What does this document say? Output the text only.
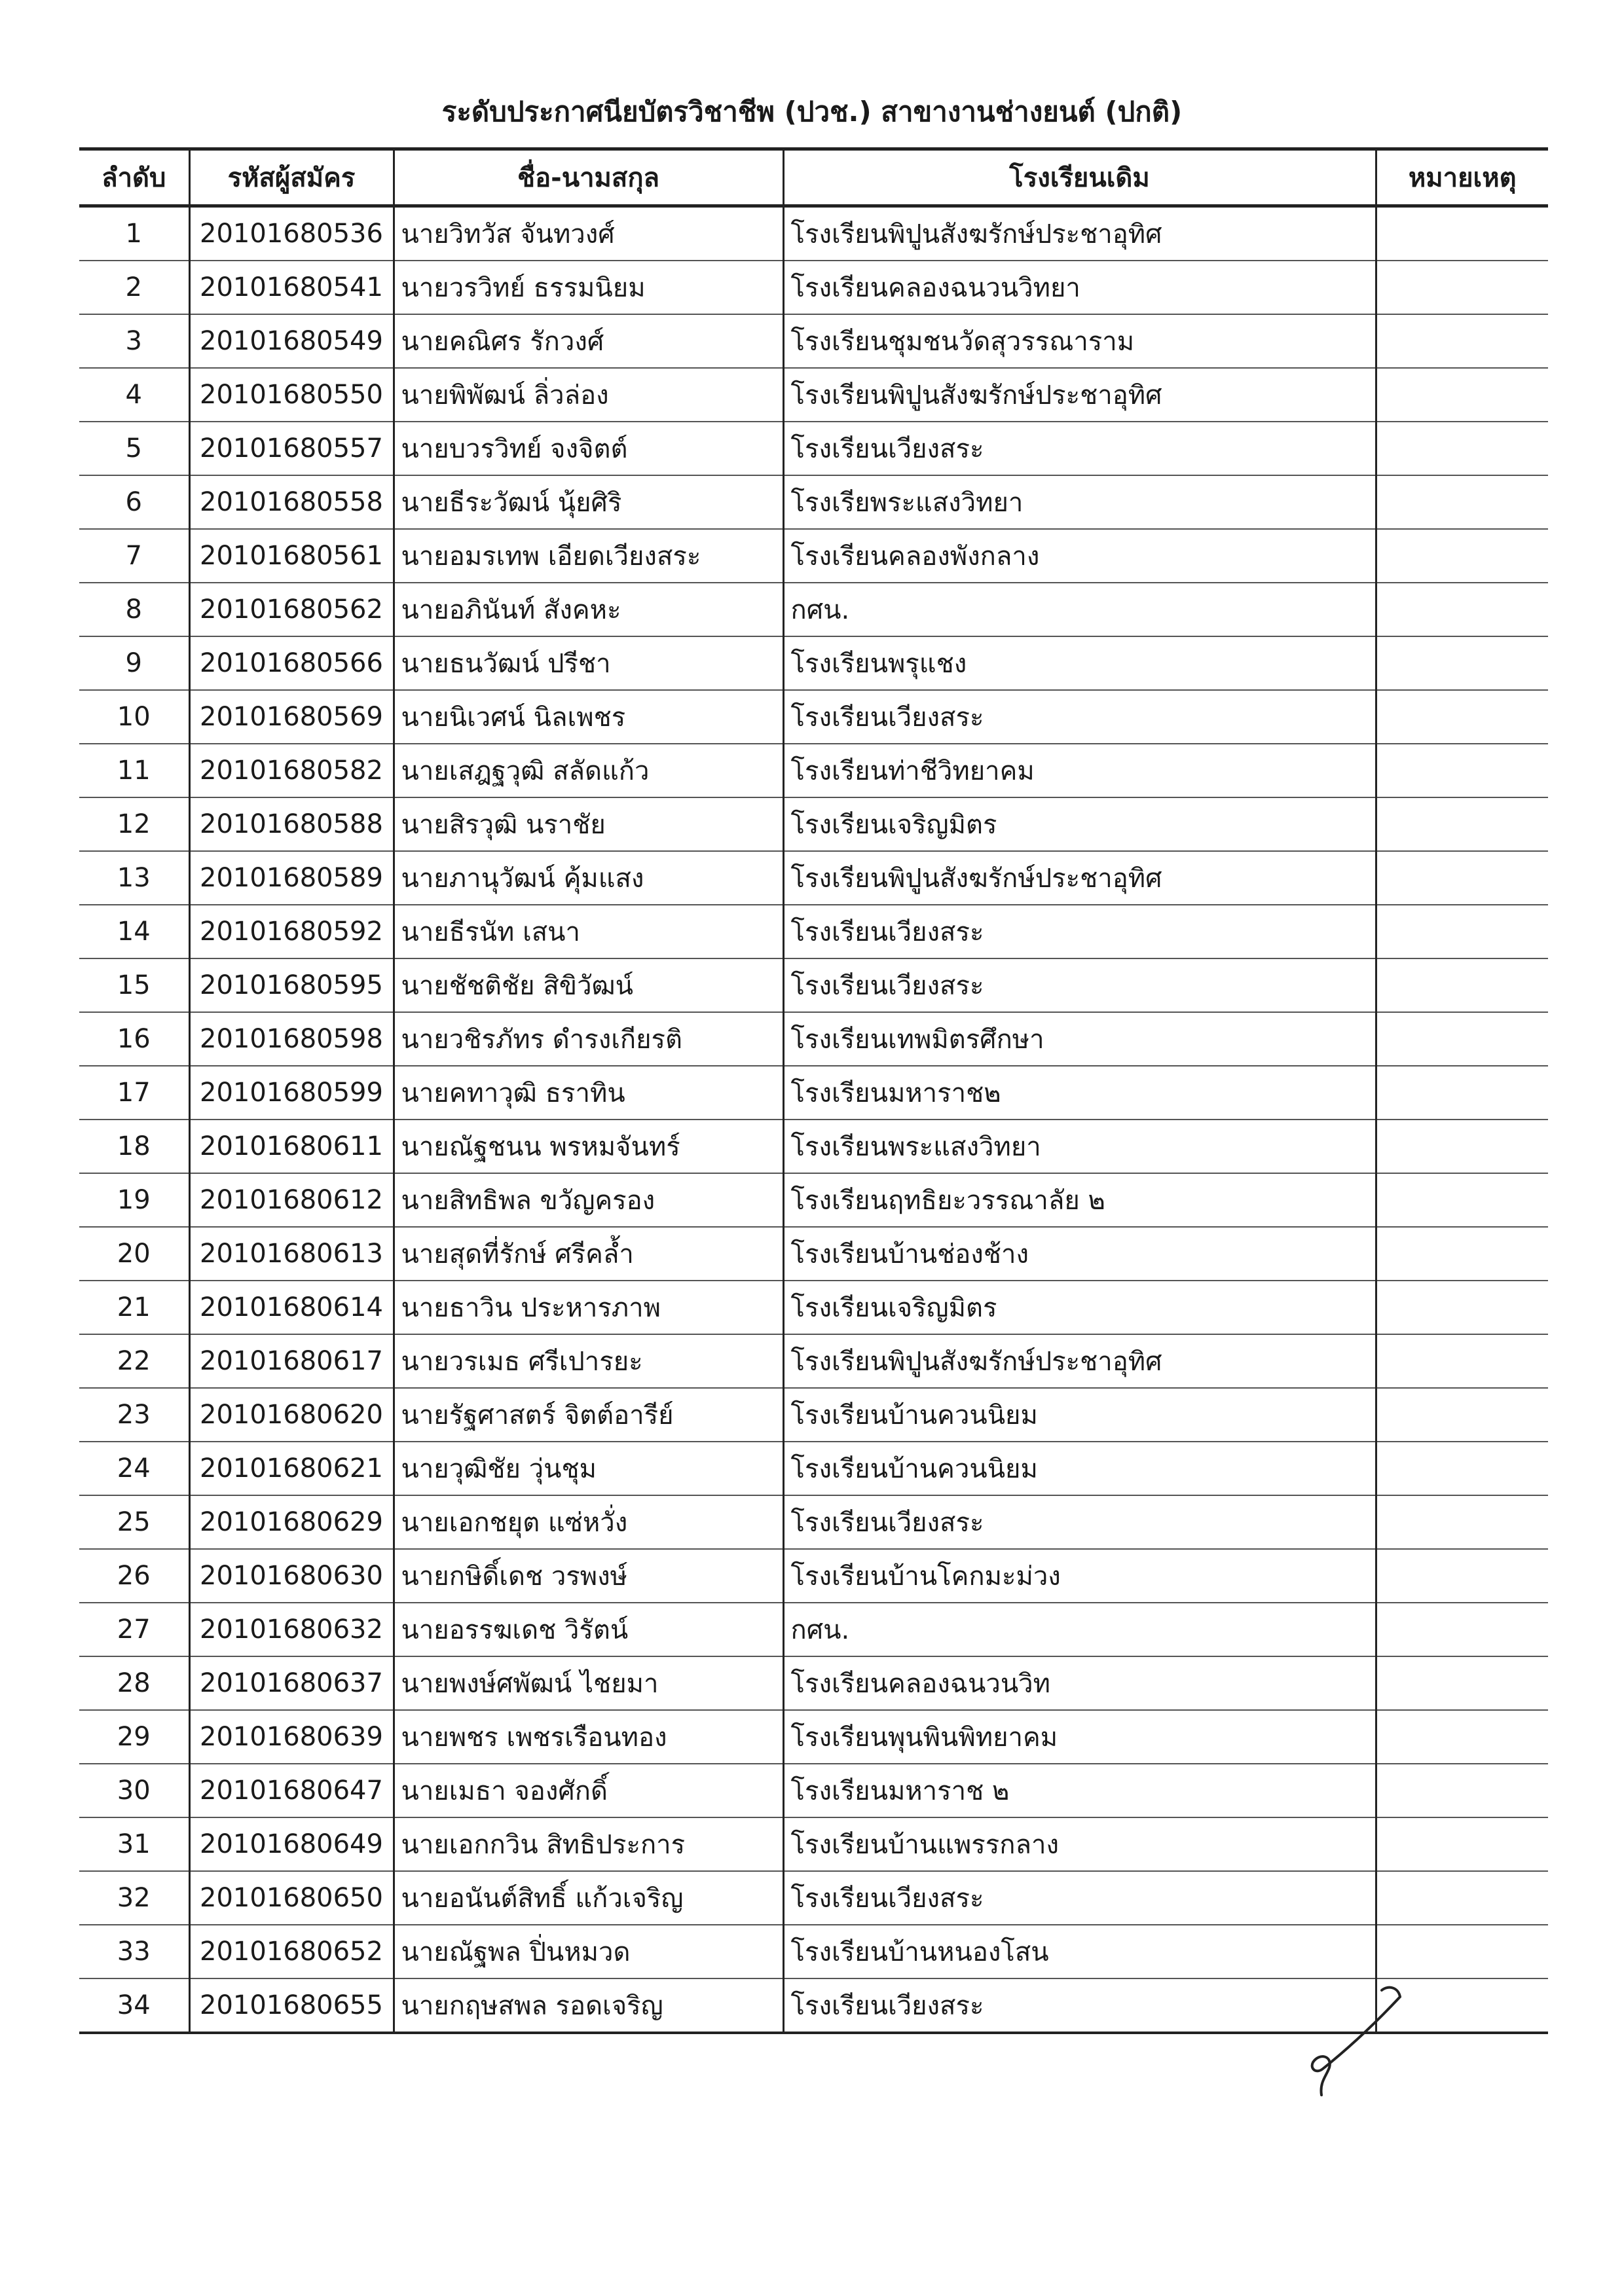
ระดับประกาศนียบัตรวิชาชีพ (ปวช.) สาขางานช่างยนต์ (ปกติ)
ลำดับ	รหัสผู้สมัคร	ชื่อ-นามสกุล	โรงเรียนเดิม	หมายเหตุ
1	20101680536	นายวิทวัส จันทวงศ์	โรงเรียนพิปูนสังฆรักษ์ประชาอุทิศ	
2	20101680541	นายวรวิทย์ ธรรมนิยม	โรงเรียนคลองฉนวนวิทยา	
3	20101680549	นายคณิศร รักวงศ์	โรงเรียนชุมชนวัดสุวรรณาราม	
4	20101680550	นายพิพัฒน์ ลิ่วล่อง	โรงเรียนพิปูนสังฆรักษ์ประชาอุทิศ	
5	20101680557	นายบวรวิทย์ จงจิตต์	โรงเรียนเวียงสระ	
6	20101680558	นายธีระวัฒน์ นุ้ยศิริ	โรงเรียพระแสงวิทยา	
7	20101680561	นายอมรเทพ เอียดเวียงสระ	โรงเรียนคลองพังกลาง	
8	20101680562	นายอภินันท์ สังคหะ	กศน.	
9	20101680566	นายธนวัฒน์ ปรีชา	โรงเรียนพรุแชง	
10	20101680569	นายนิเวศน์ นิลเพชร	โรงเรียนเวียงสระ	
11	20101680582	นายเสฎฐวุฒิ สลัดแก้ว	โรงเรียนท่าชีวิทยาคม	
12	20101680588	นายสิรวุฒิ นราชัย	โรงเรียนเจริญมิตร	
13	20101680589	นายภานุวัฒน์ คุ้มแสง	โรงเรียนพิปูนสังฆรักษ์ประชาอุทิศ	
14	20101680592	นายธีรนัท เสนา	โรงเรียนเวียงสระ	
15	20101680595	นายชัชติชัย สิขิวัฒน์	โรงเรียนเวียงสระ	
16	20101680598	นายวชิรภัทร ดำรงเกียรติ	โรงเรียนเทพมิตรศึกษา	
17	20101680599	นายคทาวุฒิ ธราทิน	โรงเรียนมหาราช๒	
18	20101680611	นายณัฐชนน พรหมจันทร์	โรงเรียนพระแสงวิทยา	
19	20101680612	นายสิทธิพล ขวัญครอง	โรงเรียนฤทธิยะวรรณาลัย ๒	
20	20101680613	นายสุดที่รักษ์ ศรีคล้ำ	โรงเรียนบ้านช่องช้าง	
21	20101680614	นายธาวิน ประหารภาพ	โรงเรียนเจริญมิตร	
22	20101680617	นายวรเมธ ศรีเปารยะ	โรงเรียนพิปูนสังฆรักษ์ประชาอุทิศ	
23	20101680620	นายรัฐศาสตร์ จิตต์อารีย์	โรงเรียนบ้านควนนิยม	
24	20101680621	นายวุฒิชัย วุ่นชุม	โรงเรียนบ้านควนนิยม	
25	20101680629	นายเอกชยุต แซ่หวั่ง	โรงเรียนเวียงสระ	
26	20101680630	นายกษิดิ์เดช วรพงษ์	โรงเรียนบ้านโคกมะม่วง	
27	20101680632	นายอรรฆเดช วิรัตน์	กศน.	
28	20101680637	นายพงษ์ศพัฒน์ ไชยมา	โรงเรียนคลองฉนวนวิท	
29	20101680639	นายพชร เพชรเรือนทอง	โรงเรียนพุนพินพิทยาคม	
30	20101680647	นายเมธา จองศักดิ์	โรงเรียนมหาราช ๒	
31	20101680649	นายเอกกวิน สิทธิประการ	โรงเรียนบ้านแพรรกลาง	
32	20101680650	นายอนันต์สิทธิ์ แก้วเจริญ	โรงเรียนเวียงสระ	
33	20101680652	นายณัฐพล ปิ่นหมวด	โรงเรียนบ้านหนองโสน	
34	20101680655	นายกฤษสพล รอดเจริญ	โรงเรียนเวียงสระ	
